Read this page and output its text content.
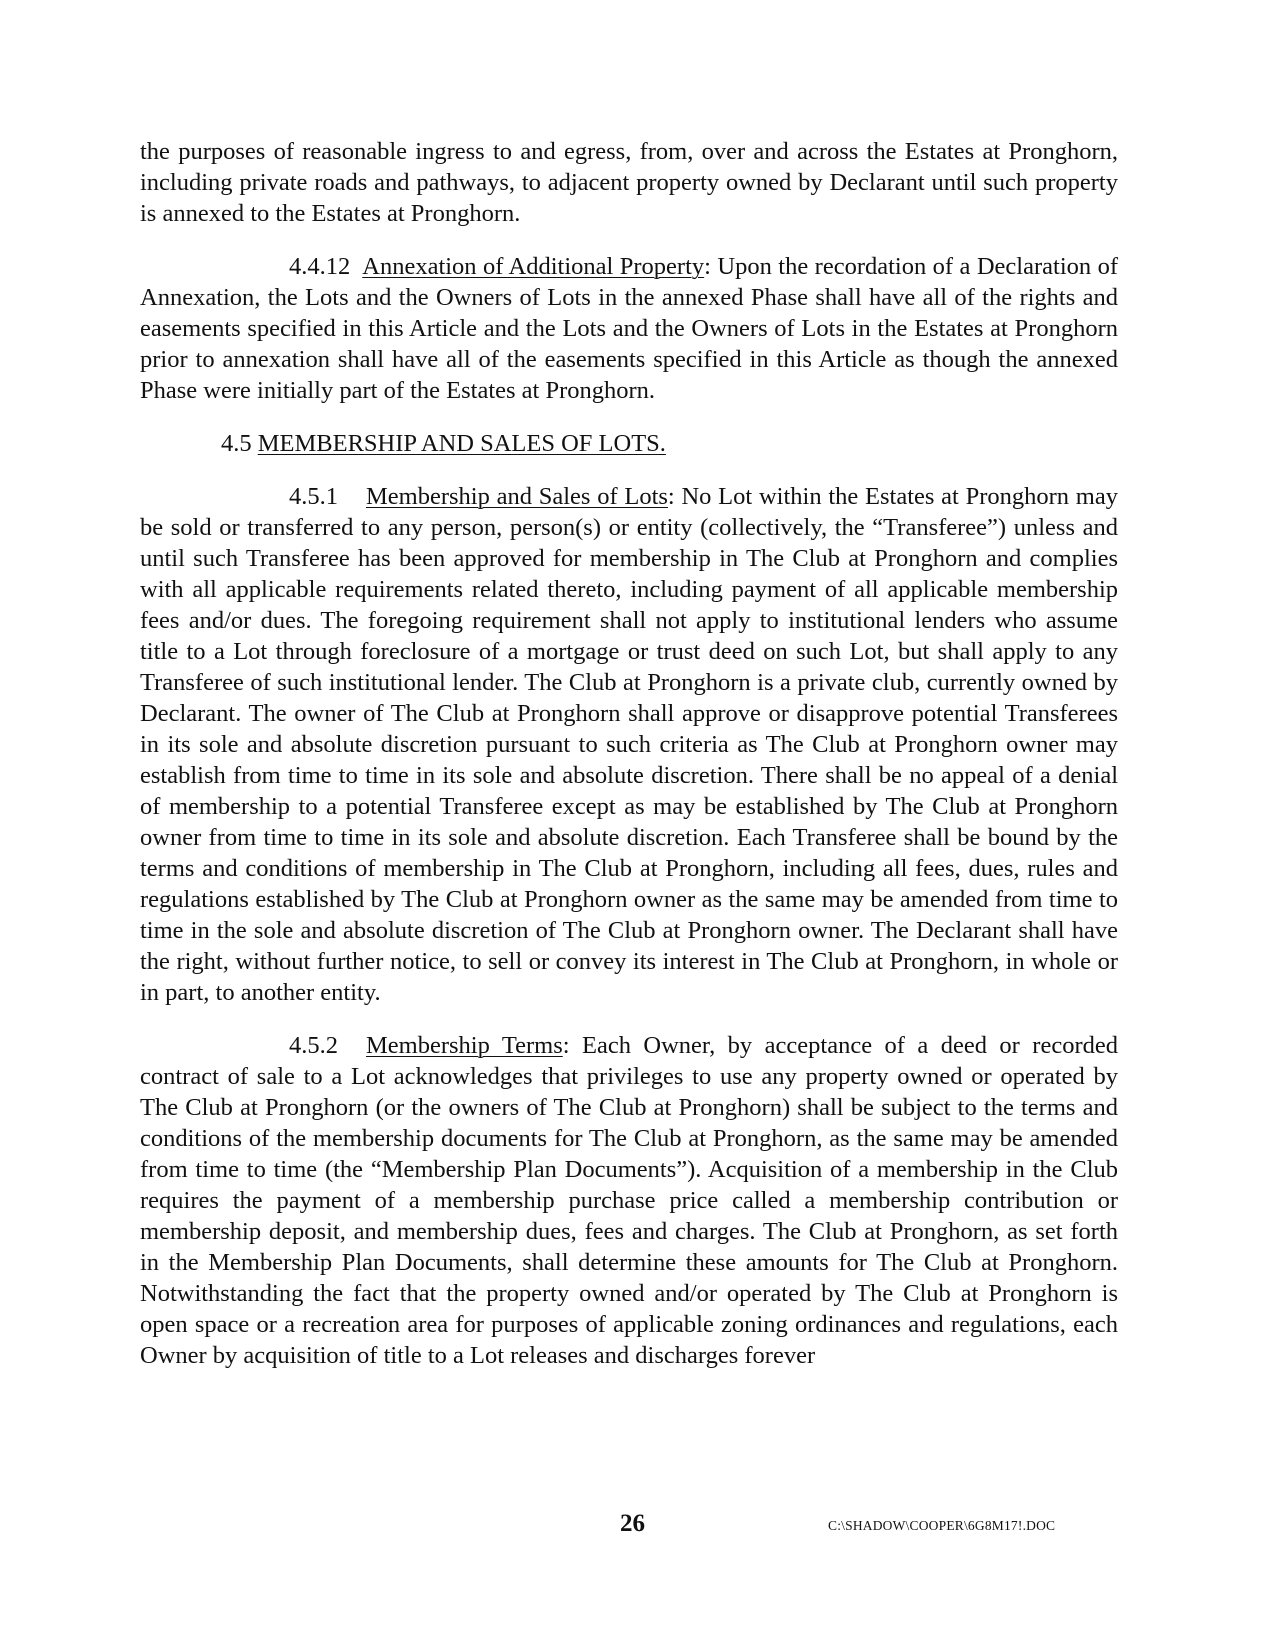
the purposes of reasonable ingress to and egress, from, over and across the Estates at Pronghorn, including private roads and pathways, to adjacent property owned by Declarant until such property is annexed to the Estates at Pronghorn.

4.4.12 Annexation of Additional Property: Upon the recordation of a Declaration of Annexation, the Lots and the Owners of Lots in the annexed Phase shall have all of the rights and easements specified in this Article and the Lots and the Owners of Lots in the Estates at Pronghorn prior to annexation shall have all of the easements specified in this Article as though the annexed Phase were initially part of the Estates at Pronghorn.

4.5 MEMBERSHIP AND SALES OF LOTS.

4.5.1 Membership and Sales of Lots: No Lot within the Estates at Pronghorn may be sold or transferred to any person, person(s) or entity (collectively, the “Transferee”) unless and until such Transferee has been approved for membership in The Club at Pronghorn and complies with all applicable requirements related thereto, including payment of all applicable membership fees and/or dues. The foregoing requirement shall not apply to institutional lenders who assume title to a Lot through foreclosure of a mortgage or trust deed on such Lot, but shall apply to any Transferee of such institutional lender. The Club at Pronghorn is a private club, currently owned by Declarant. The owner of The Club at Pronghorn shall approve or disapprove potential Transferees in its sole and absolute discretion pursuant to such criteria as The Club at Pronghorn owner may establish from time to time in its sole and absolute discretion. There shall be no appeal of a denial of membership to a potential Transferee except as may be established by The Club at Pronghorn owner from time to time in its sole and absolute discretion. Each Transferee shall be bound by the terms and conditions of membership in The Club at Pronghorn, including all fees, dues, rules and regulations established by The Club at Pronghorn owner as the same may be amended from time to time in the sole and absolute discretion of The Club at Pronghorn owner. The Declarant shall have the right, without further notice, to sell or convey its interest in The Club at Pronghorn, in whole or in part, to another entity.

4.5.2 Membership Terms: Each Owner, by acceptance of a deed or recorded contract of sale to a Lot acknowledges that privileges to use any property owned or operated by The Club at Pronghorn (or the owners of The Club at Pronghorn) shall be subject to the terms and conditions of the membership documents for The Club at Pronghorn, as the same may be amended from time to time (the “Membership Plan Documents”). Acquisition of a membership in the Club requires the payment of a membership purchase price called a membership contribution or membership deposit, and membership dues, fees and charges. The Club at Pronghorn, as set forth in the Membership Plan Documents, shall determine these amounts for The Club at Pronghorn. Notwithstanding the fact that the property owned and/or operated by The Club at Pronghorn is open space or a recreation area for purposes of applicable zoning ordinances and regulations, each Owner by acquisition of title to a Lot releases and discharges forever

26	C:\SHADOW\COOPER\6G8M17!.DOC
